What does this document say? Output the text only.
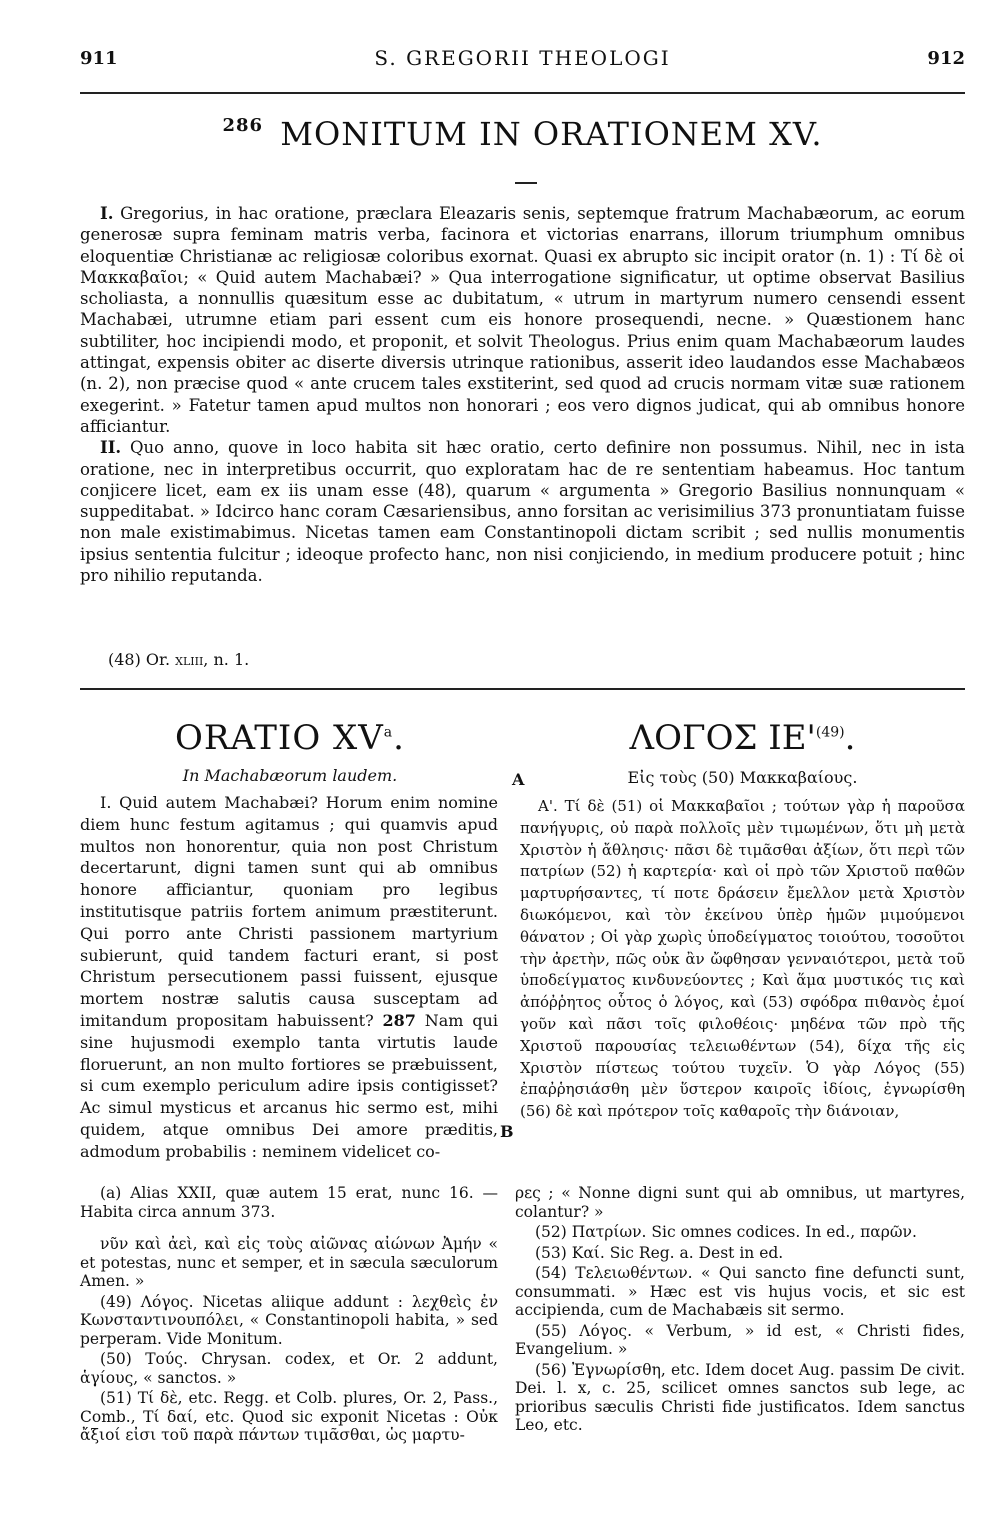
911	S. GREGORII THEOLOGI	912
$^{286}$ MONITUM IN ORATIONEM XV.

I. Gregorius, in hac oratione, præclara Eleazaris senis, septemque fratrum Machabæorum, ac eorum generosæ supra feminam matris verba, facinora et victorias enarrans, illorum triumphum omnibus eloquentiæ Christianæ ac religiosæ coloribus exornat. Quasi ex abrupto sic incipit orator (n. 1) : Τί δὲ οἱ Μακκαβαῖοι; « Quid autem Machabæi? » Qua interrogatione significatur, ut optime observat Basilius scholiasta, a nonnullis quæsitum esse ac dubitatum, « utrum in martyrum numero censendi essent Machabæi, utrumne etiam pari essent cum eis honore prosequendi, necne. » Quæstionem hanc subtiliter, hoc incipiendi modo, et proponit, et solvit Theologus. Prius enim quam Machabæorum laudes attingat, expensis obiter ac diserte diversis utrinque rationibus, asserit ideo laudandos esse Machabæos (n. 2), non præcise quod « ante crucem tales exstiterint, sed quod ad crucis normam vitæ suæ rationem exegerint. » Fatetur tamen apud multos non honorari ; eos vero dignos judicat, qui ab omnibus honore afficiantur.

II. Quo anno, quove in loco habita sit hæc oratio, certo definire non possumus. Nihil, nec in ista oratione, nec in interpretibus occurrit, quo exploratam hac de re sententiam habeamus. Hoc tantum conjicere licet, eam ex iis unam esse (48), quarum « argumenta » Gregorio Basilius nonnunquam « suppeditabat. » Idcirco hanc coram Cæsariensibus, anno forsitan ac verisimilius 373 pronuntiatam fuisse non male existimabimus. Nicetas tamen eam Constantinopoli dictam scribit ; sed nullis monumentis ipsius sententia fulcitur ; ideoque profecto hanc, non nisi conjiciendo, in medium producere potuit ; hinc pro nihilio reputanda.

(48) Or. xliii, n. 1.
ORATIO $XV^a$.	ΛΟΓΟΣ $IE'^{(49)}$.
In Machabæorum laudem.	Εἰς τοὺς (50) Μακκαβαίους.
A
B

I. Quid autem Machabæi? Horum enim nomine diem hunc festum agitamus ; qui quamvis apud multos non honorentur, quia non post Christum decertarunt, digni tamen sunt qui ab omnibus honore afficiantur, quoniam pro legibus institutisque patriis fortem animum præstiterunt. Qui porro ante Christi passionem martyrium subierunt, quid tandem facturi erant, si post Christum persecutionem passi fuissent, ejusque mortem nostræ salutis causa susceptam ad imitandum propositam habuissent? 287 Nam qui sine hujusmodi exemplo tanta virtutis laude floruerunt, an non multo fortiores se præbuissent, si cum exemplo periculum adire ipsis contigisset? Ac simul mysticus et arcanus hic sermo est, mihi quidem, atque omnibus Dei amore præditis, admodum probabilis : neminem videlicet co-

Α'. Τί δὲ (51) οἱ Μακκαβαῖοι ; τούτων γὰρ ἡ παροῦσα πανήγυρις, οὐ παρὰ πολλοῖς μὲν τιμωμένων, ὅτι μὴ μετὰ Χριστὸν ἡ ἄθλησις· πᾶσι δὲ τιμᾶσθαι ἀξίων, ὅτι περὶ τῶν πατρίων (52) ἡ καρτερία· καὶ οἱ πρὸ τῶν Χριστοῦ παθῶν μαρτυρήσαντες, τί ποτε δράσειν ἔμελλον μετὰ Χριστὸν διωκόμενοι, καὶ τὸν ἐκείνου ὑπὲρ ἡμῶν μιμούμενοι θάνατον ; Οἱ γὰρ χωρὶς ὑποδείγματος τοιούτου, τοσοῦτοι τὴν ἀρετὴν, πῶς οὐκ ἂν ὤφθησαν γενναιότεροι, μετὰ τοῦ ὑποδείγματος κινδυνεύοντες ; Καὶ ἅμα μυστικός τις καὶ ἀπόῤῥητος οὗτος ὁ λόγος, καὶ (53) σφόδρα πιθανὸς ἐμοί γοῦν καὶ πᾶσι τοῖς φιλοθέοις· μηδένα τῶν πρὸ τῆς Χριστοῦ παρουσίας τελειωθέντων (54), δίχα τῆς εἰς Χριστὸν πίστεως τούτου τυχεῖν. Ὁ γὰρ Λόγος (55) ἐπαῤῥησιάσθη μὲν ὕστερον καιροῖς ἰδίοις, ἐγνωρίσθη (56) δὲ καὶ πρότερον τοῖς καθαροῖς τὴν διάνοιαν,

(a) Alias XXII, quæ autem 15 erat, nunc 16. — Habita circa annum 373.

νῦν καὶ ἀεὶ, καὶ εἰς τοὺς αἰῶνας αἰώνων Ἀμήν « et potestas, nunc et semper, et in sæcula sæculorum Amen. »

(49) Λόγος. Nicetas aliique addunt : λεχθεὶς ἐν Κωνσταντινουπόλει, « Constantinopoli habita, » sed perperam. Vide Monitum.

(50) Τούς. Chrysan. codex, et Or. 2 addunt, ἁγίους, « sanctos. »

(51) Τί δὲ, etc. Regg. et Colb. plures, Or. 2, Pass., Comb., Τί δαί, etc. Quod sic exponit Nicetas : Οὐκ ἄξιοί εἰσι τοῦ παρὰ πάντων τιμᾶσθαι, ὡς μαρτυ-

ρες ; « Nonne digni sunt qui ab omnibus, ut martyres, colantur? »

(52) Πατρίων. Sic omnes codices. In ed., παρῶν.

(53) Καί. Sic Reg. a. Dest in ed.

(54) Τελειωθέντων. « Qui sancto fine defuncti sunt, consummati. » Hæc est vis hujus vocis, et sic est accipienda, cum de Machabæis sit sermo.

(55) Λόγος. « Verbum, » id est, « Christi fides, Evangelium. »

(56) Ἐγνωρίσθη, etc. Idem docet Aug. passim De civit. Dei. l. x, c. 25, scilicet omnes sanctos sub lege, ac prioribus sæculis Christi fide justificatos. Idem sanctus Leo, etc.
